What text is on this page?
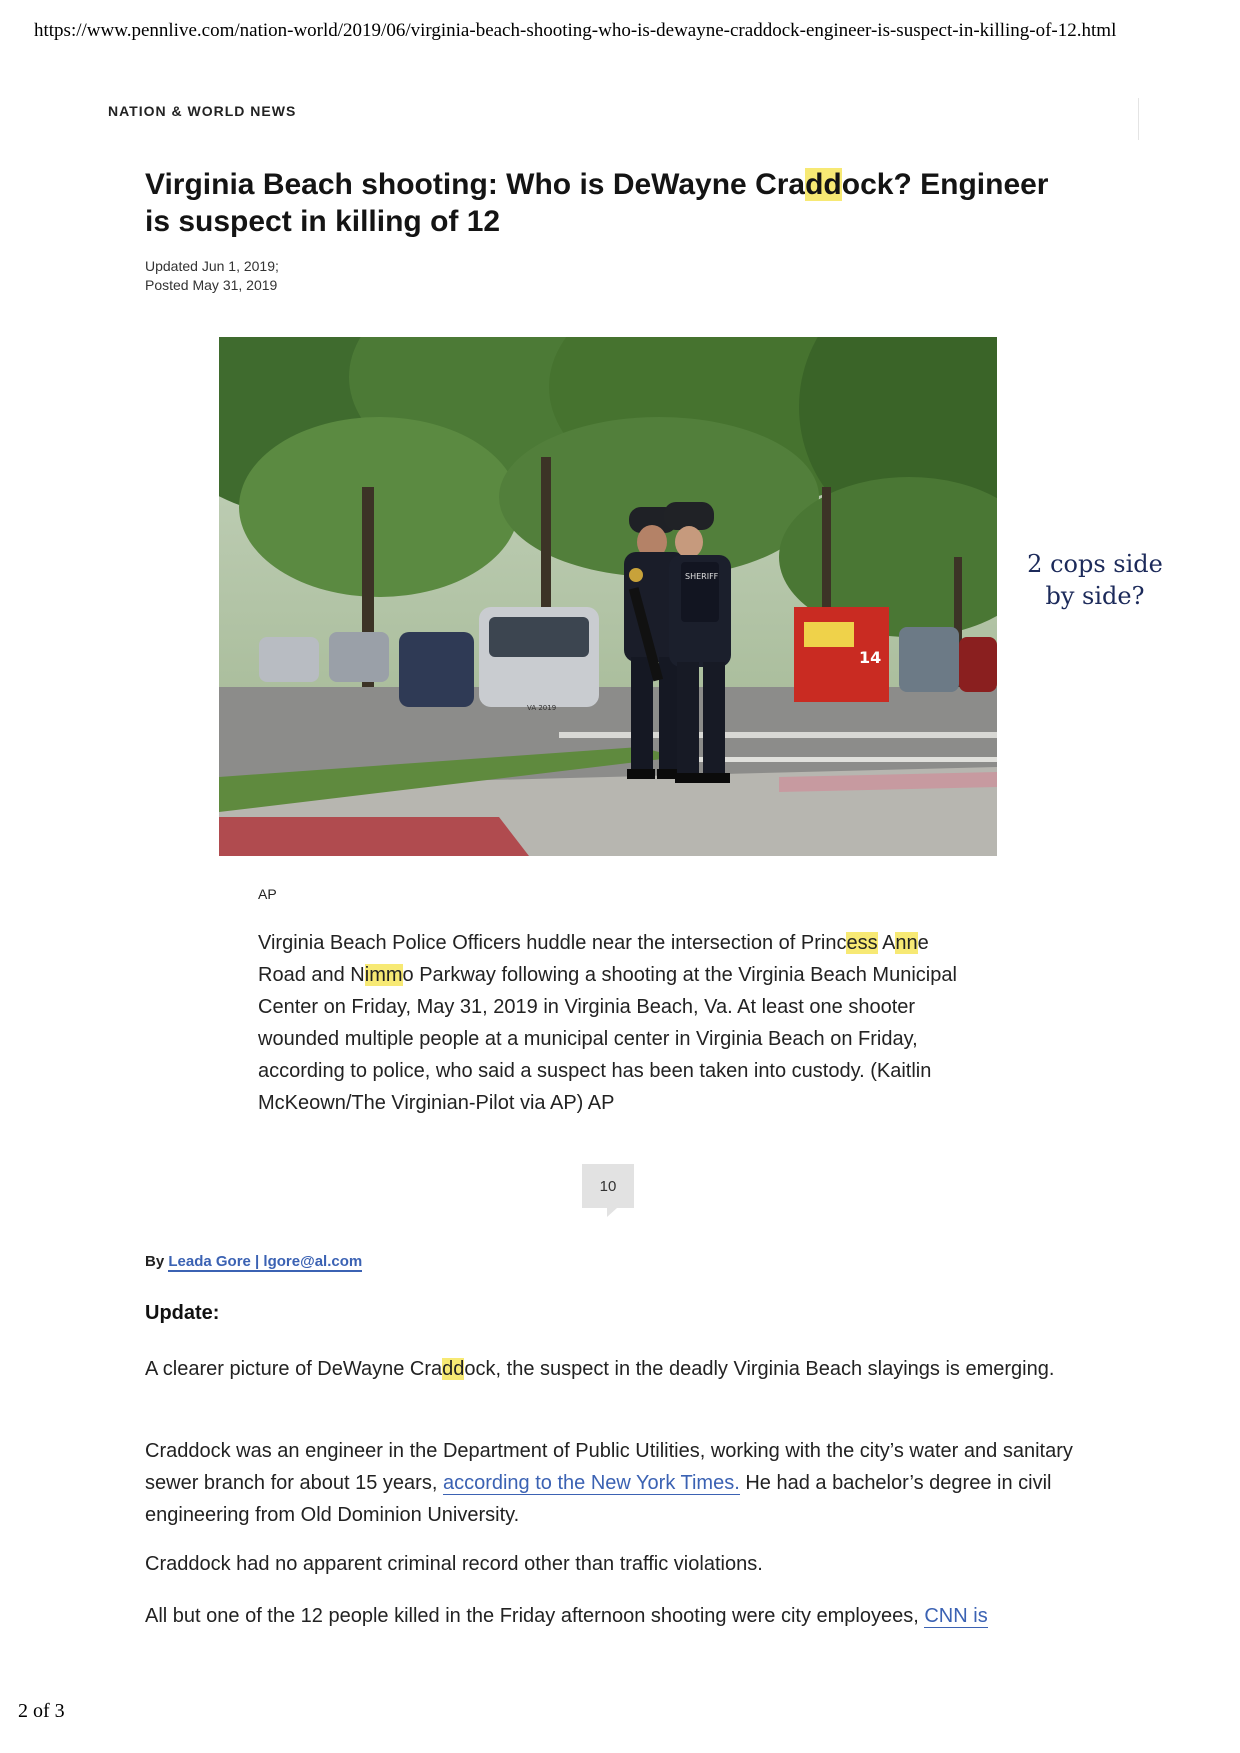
https://www.pennlive.com/nation-world/2019/06/virginia-beach-shooting-who-is-dewayne-craddock-engineer-is-suspect-in-killing-of-12.html
NATION & WORLD NEWS
Virginia Beach shooting: Who is DeWayne Craddock? Engineer is suspect in killing of 12
Updated Jun 1, 2019;
Posted May 31, 2019
14
VA 2019
SHERIFF	2 cops side by side?
AP
Virginia Beach Police Officers huddle near the intersection of Princess Anne Road and Nimmo Parkway following a shooting at the Virginia Beach Municipal Center on Friday, May 31, 2019 in Virginia Beach, Va. At least one shooter wounded multiple people at a municipal center in Virginia Beach on Friday, according to police, who said a suspect has been taken into custody. (Kaitlin McKeown/The Virginian-Pilot via AP) AP
10
By Leada Gore | lgore@al.com
Update:

A clearer picture of DeWayne Craddock, the suspect in the deadly Virginia Beach slayings is emerging.

Craddock was an engineer in the Department of Public Utilities, working with the city’s water and sanitary sewer branch for about 15 years, according to the New York Times. He had a bachelor’s degree in civil engineering from Old Dominion University.

Craddock had no apparent criminal record other than traffic violations.

All but one of the 12 people killed in the Friday afternoon shooting were city employees, CNN is

2 of 3
